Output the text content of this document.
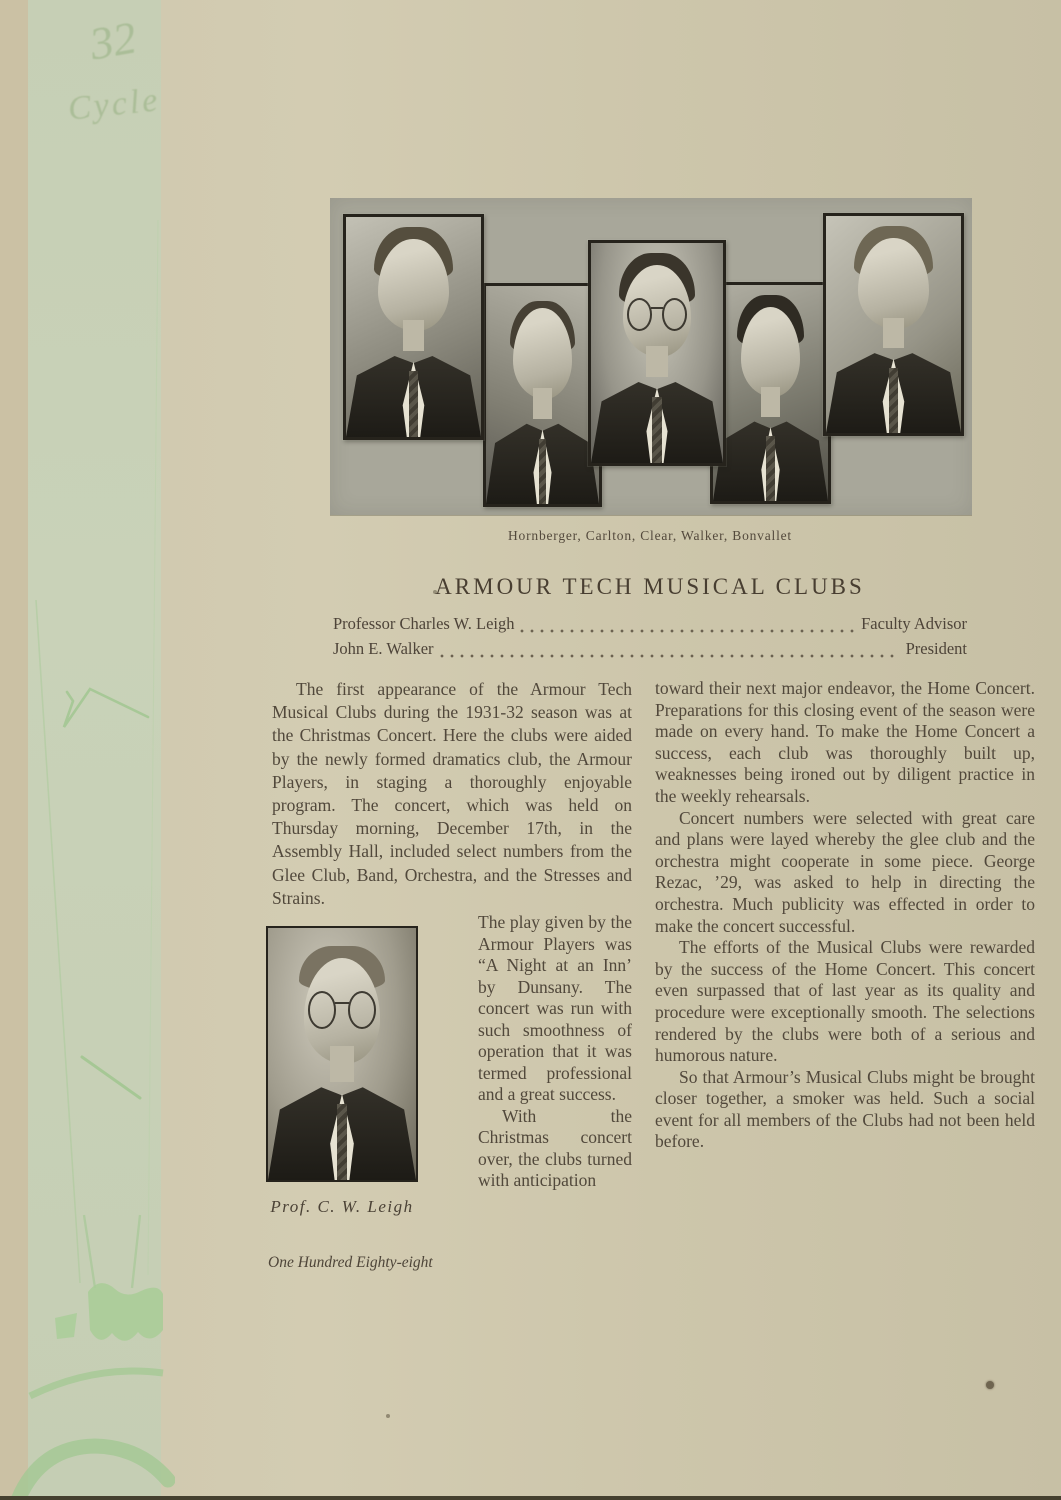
32
Cycle
Hornberger, Carlton, Clear, Walker, Bonvallet
ARMOUR TECH MUSICAL CLUBS
Professor Charles W. Leigh	Faculty Advisor
John E. Walker	President

The first appearance of the Armour Tech Musical Clubs during the 1931-32 season was at the Christmas Concert. Here the clubs were aided by the newly formed dramatics club, the Armour Players, in staging a thoroughly enjoyable program. The concert, which was held on Thursday morning, December 17th, in the Assembly Hall, included select numbers from the Glee Club, Band, Orchestra, and the Stresses and Strains.

The play given by the Armour Players was “A Night at an Inn’ by Dunsany. The concert was run with such smoothness of operation that it was termed professional and a great success.

With the Christmas concert over, the clubs turned with anticipation

toward their next major endeavor, the Home Concert. Preparations for this closing event of the season were made on every hand. To make the Home Concert a success, each club was thoroughly built up, weaknesses being ironed out by diligent practice in the weekly rehearsals.

Concert numbers were selected with great care and plans were layed whereby the glee club and the orchestra might cooperate in some piece. George Rezac, ’29, was asked to help in directing the orchestra. Much publicity was effected in order to make the concert successful.

The efforts of the Musical Clubs were rewarded by the success of the Home Concert. This concert even surpassed that of last year as its quality and procedure were exceptionally smooth. The selections rendered by the clubs were both of a serious and humorous nature.

So that Armour’s Musical Clubs might be brought closer together, a smoker was held. Such a social event for all members of the Clubs had not been held before.

Prof. C. W. Leigh
One Hundred Eighty-eight
